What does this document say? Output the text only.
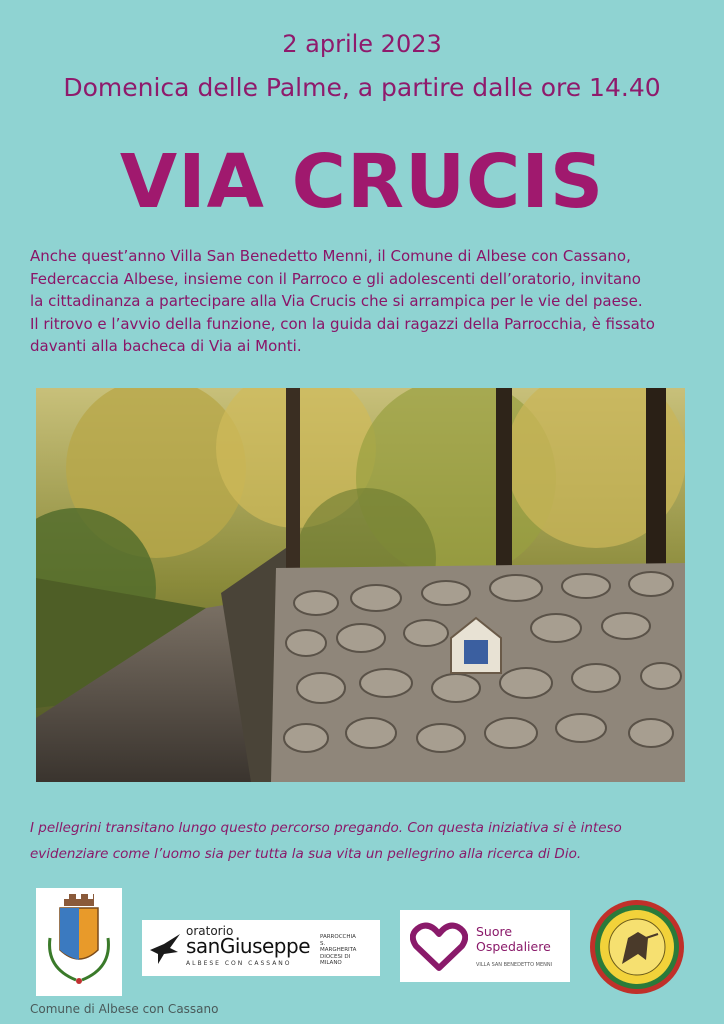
2 aprile 2023
Domenica delle Palme, a partire dalle ore 14.40
VIA CRUCIS
Anche quest’anno Villa San Benedetto Menni, il Comune di Albese con Cassano,
Federcaccia Albese, insieme con il Parroco e gli adolescenti dell’oratorio, invitano
la cittadinanza a partecipare alla Via Crucis che si arrampica per le vie del paese.
Il ritrovo e l’avvio della funzione, con la guida dai ragazzi della Parrocchia, è fissato
davanti alla bacheca di Via ai Monti.
I pellegrini transitano lungo questo percorso pregando. Con questa iniziativa si è inteso
evidenziare come l’uomo sia per tutta la sua vita un pellegrino alla ricerca di Dio.
Comune di Albese con Cassano
oratorio
sanGiuseppe
ALBESE CON CASSANO
PARROCCHIA S. MARGHERITA DIOCESI DI MILANO
Suore Ospedaliere
VILLA SAN BENEDETTO MENNI
